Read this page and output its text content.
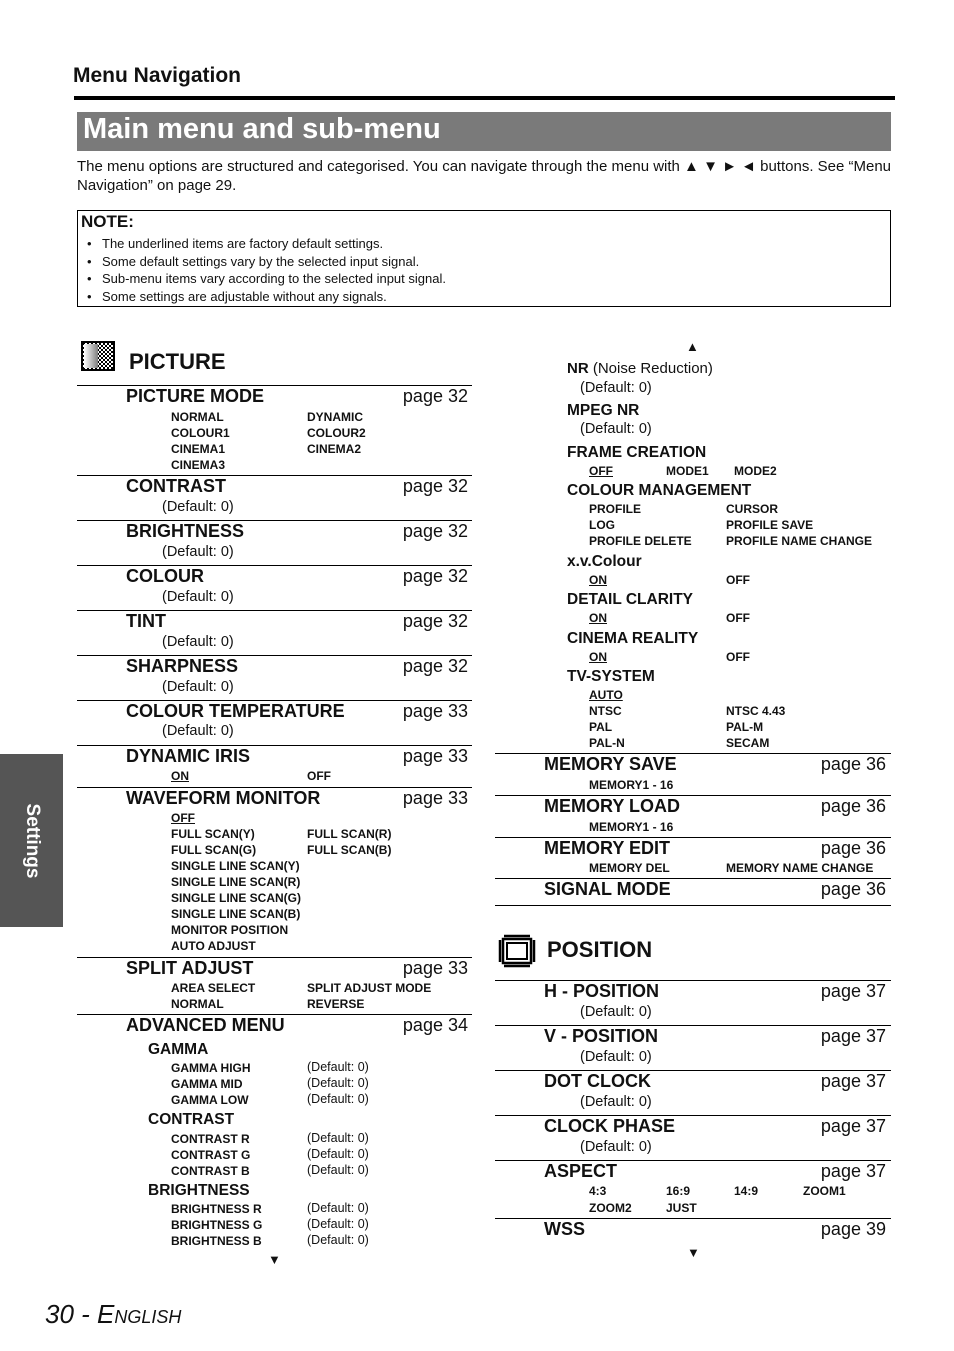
Menu Navigation
Main menu and sub-menu
The menu options are structured and categorised. You can navigate through the menu with ▲ ▼ ► ◄ buttons. See “Menu Navigation” on page 29.
NOTE:
• The underlined items are factory default settings.
• Some default settings vary by the selected input signal.
• Sub-menu items vary according to the selected input signal.
• Some settings are adjustable without any signals.
Settings
PICTURE
PICTURE MODE	page 32
NORMAL	DYNAMIC
COLOUR1	COLOUR2
CINEMA1	CINEMA2
CINEMA3
CONTRAST	page 32
(Default: 0)
BRIGHTNESS	page 32
(Default: 0)
COLOUR	page 32
(Default: 0)
TINT	page 32
(Default: 0)
SHARPNESS	page 32
(Default: 0)
COLOUR TEMPERATURE	page 33
(Default: 0)
DYNAMIC IRIS	page 33
ON	OFF
WAVEFORM MONITOR	page 33
OFF
FULL SCAN(Y)	FULL SCAN(R)
FULL SCAN(G)	FULL SCAN(B)
SINGLE LINE SCAN(Y)
SINGLE LINE SCAN(R)
SINGLE LINE SCAN(G)
SINGLE LINE SCAN(B)
MONITOR POSITION
AUTO ADJUST
SPLIT ADJUST	page 33
AREA SELECT	SPLIT ADJUST MODE
NORMAL	REVERSE
ADVANCED MENU	page 34
GAMMA
GAMMA HIGH	(Default: 0)
GAMMA MID	(Default: 0)
GAMMA LOW	(Default: 0)
CONTRAST
CONTRAST R	(Default: 0)
CONTRAST G	(Default: 0)
CONTRAST B	(Default: 0)
BRIGHTNESS
BRIGHTNESS R	(Default: 0)
BRIGHTNESS G	(Default: 0)
BRIGHTNESS B	(Default: 0)
▼
▲
NR (Noise Reduction)
(Default: 0)
MPEG NR
(Default: 0)
FRAME CREATION
OFF	MODE1 MODE2
COLOUR MANAGEMENT
PROFILE	CURSOR
LOG	PROFILE SAVE
PROFILE DELETE	PROFILE NAME CHANGE
x.v.Colour
ON	OFF
DETAIL CLARITY
ON	OFF
CINEMA REALITY
ON	OFF
TV-SYSTEM
AUTO
NTSC	NTSC 4.43
PAL	PAL-M
PAL-N	SECAM
MEMORY SAVE	page 36
MEMORY1 - 16
MEMORY LOAD	page 36
MEMORY1 - 16
MEMORY EDIT	page 36
MEMORY DEL	MEMORY NAME CHANGE
SIGNAL MODE	page 36
POSITION
H - POSITION	page 37
(Default: 0)
V - POSITION	page 37
(Default: 0)
DOT CLOCK	page 37
(Default: 0)
CLOCK PHASE	page 37
(Default: 0)
ASPECT	page 37
4:3	16:9	14:9	ZOOM1
ZOOM2	JUST
WSS	page 39
▼
30 - English
